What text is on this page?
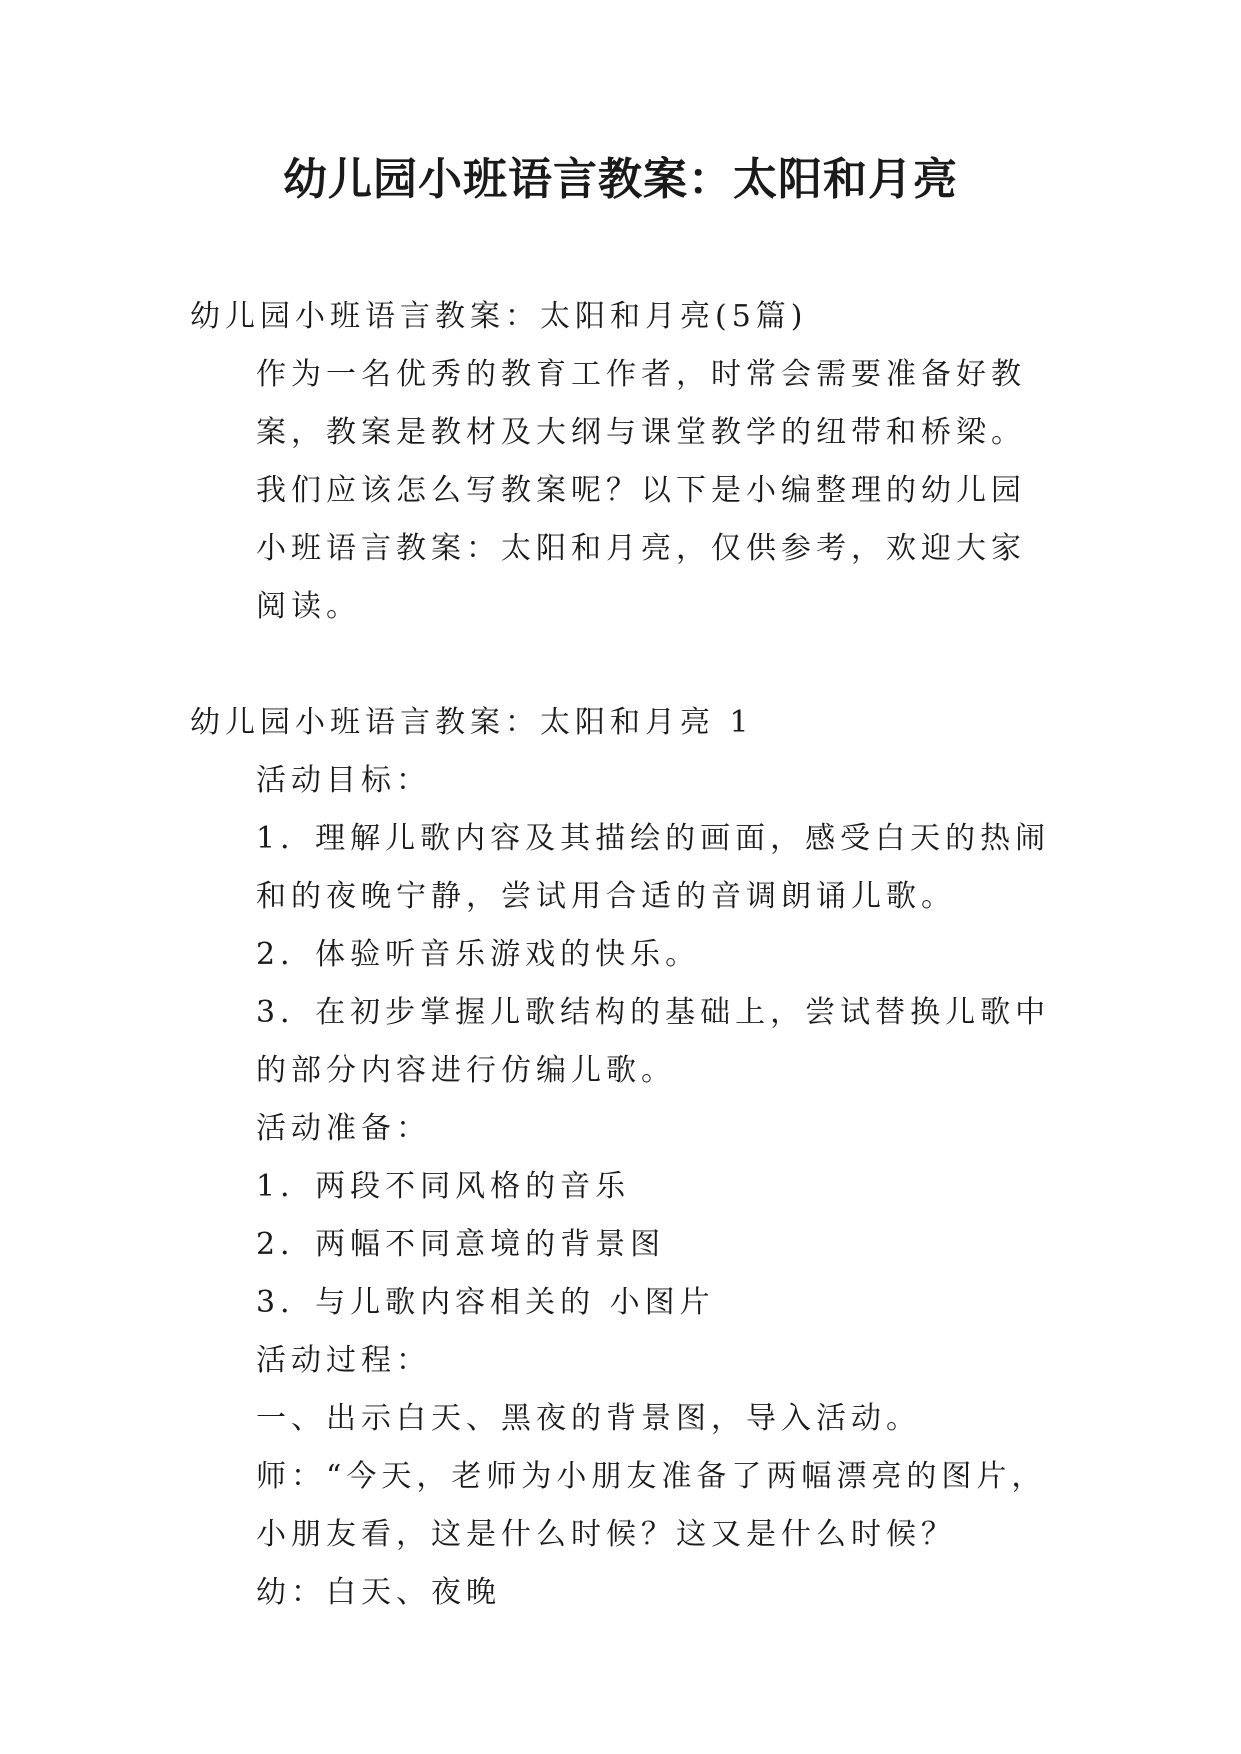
幼儿园小班语言教案：太阳和月亮

幼儿园小班语言教案：太阳和月亮(5篇)

作为一名优秀的教育工作者，时常会需要准备好教案，教案是教材及大纲与课堂教学的纽带和桥梁。我们应该怎么写教案呢？以下是小编整理的幼儿园小班语言教案：太阳和月亮，仅供参考，欢迎大家阅读。

幼儿园小班语言教案：太阳和月亮 1

活动目标：

1．理解儿歌内容及其描绘的画面，感受白天的热闹和的夜晚宁静，尝试用合适的音调朗诵儿歌。

2．体验听音乐游戏的快乐。

3．在初步掌握儿歌结构的基础上，尝试替换儿歌中的部分内容进行仿编儿歌。

活动准备：

1．两段不同风格的音乐

2．两幅不同意境的背景图

3．与儿歌内容相关的 小图片

活动过程：

一、出示白天、黑夜的背景图，导入活动。

师：“今天，老师为小朋友准备了两幅漂亮的图片，小朋友看，这是什么时候？这又是什么时候？

幼：白天、夜晚
